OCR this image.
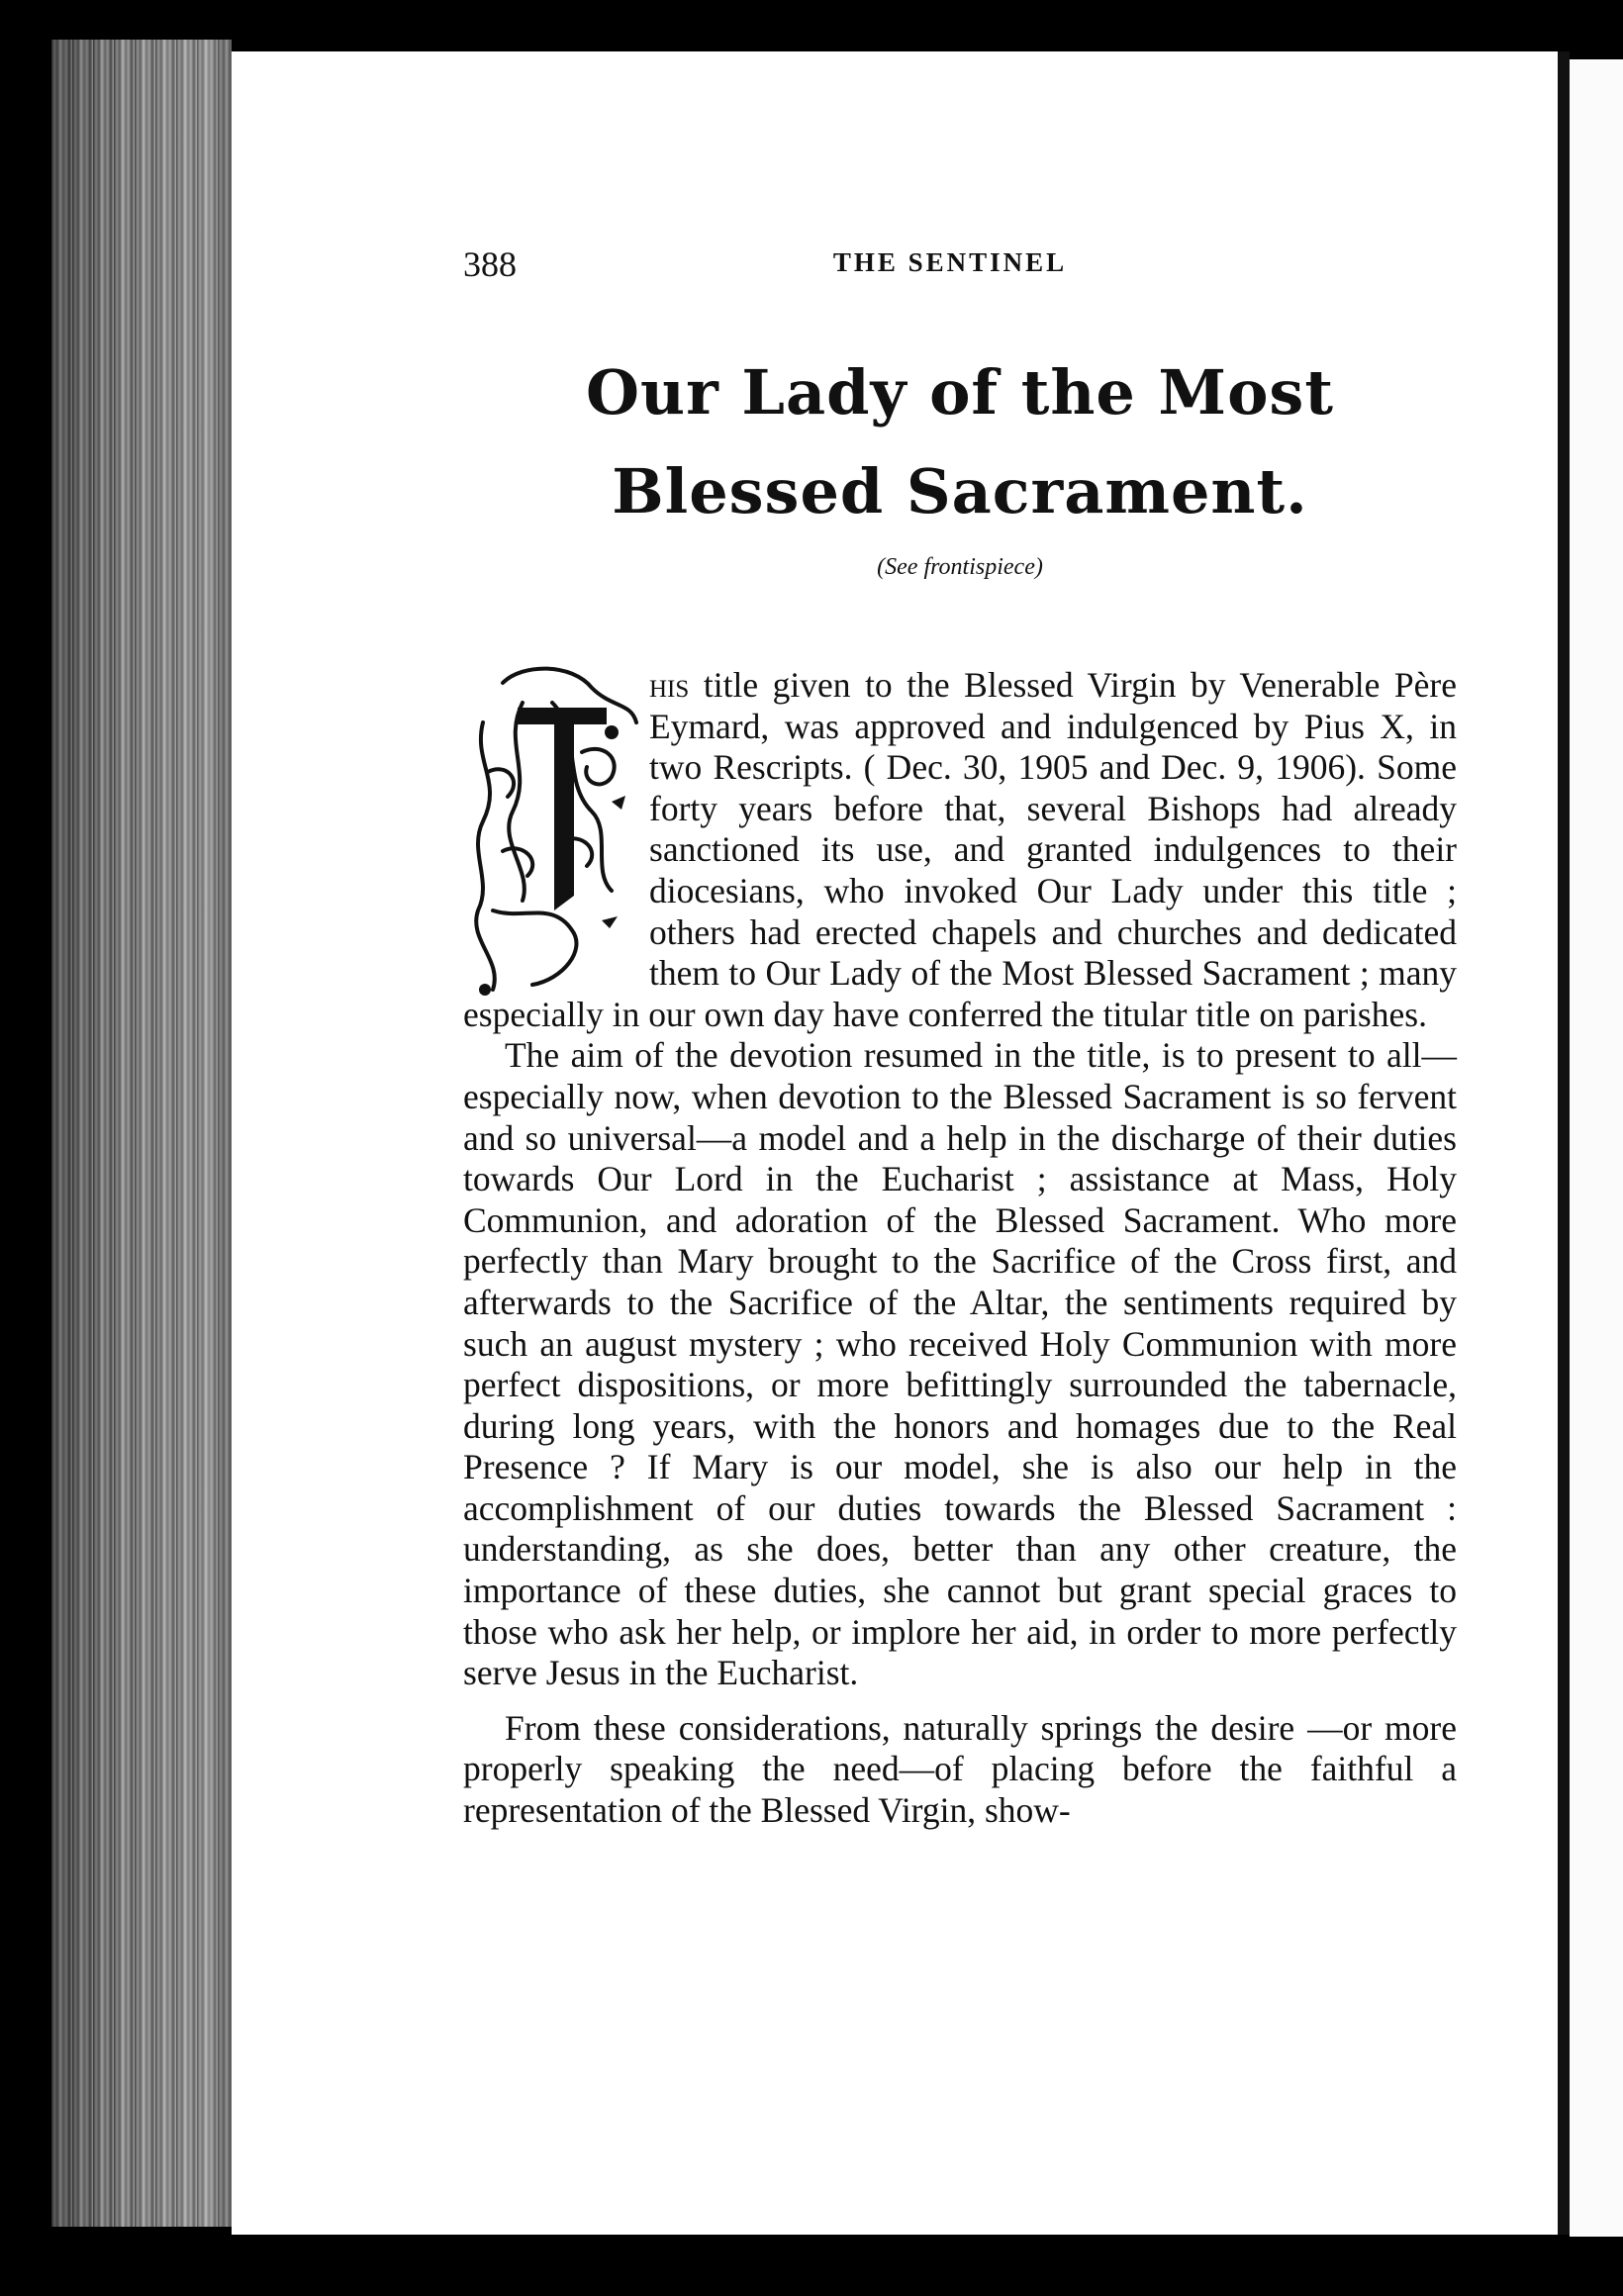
388	THE SENTINEL
Our Lady of the Most
Blessed Sacrament.
(See frontispiece)

his title given to the Blessed Virgin by Venerable Père Eymard, was approved and indulgenced by Pius X, in two Rescripts. ( Dec. 30, 1905 and Dec. 9, 1906). Some forty years before that, several Bishops had already sanctioned its use, and granted indulgences to their diocesians, who invoked Our Lady under this title ; others had erected chapels and churches and dedicated them to Our Lady of the Most Blessed Sacrament ; many especially in our own day have conferred the titular title on parishes.

The aim of the devotion resumed in the title, is to present to all—especially now, when devotion to the Blessed Sacrament is so fervent and so universal—a model and a help in the discharge of their duties towards Our Lord in the Eucharist ; assistance at Mass, Holy Communion, and adoration of the Blessed Sacrament. Who more perfectly than Mary brought to the Sacrifice of the Cross first, and afterwards to the Sacrifice of the Altar, the sentiments required by such an august mystery ; who received Holy Communion with more perfect dispositions, or more befittingly surrounded the tabernacle, during long years, with the honors and homages due to the Real Presence ? If Mary is our model, she is also our help in the accomplishment of our duties towards the Blessed Sacrament : understanding, as she does, better than any other creature, the importance of these duties, she cannot but grant special graces to those who ask her help, or implore her aid, in order to more perfectly serve Jesus in the Eucharist.

From these considerations, naturally springs the desire —or more properly speaking the need—of placing before the faithful a representation of the Blessed Virgin, show-
